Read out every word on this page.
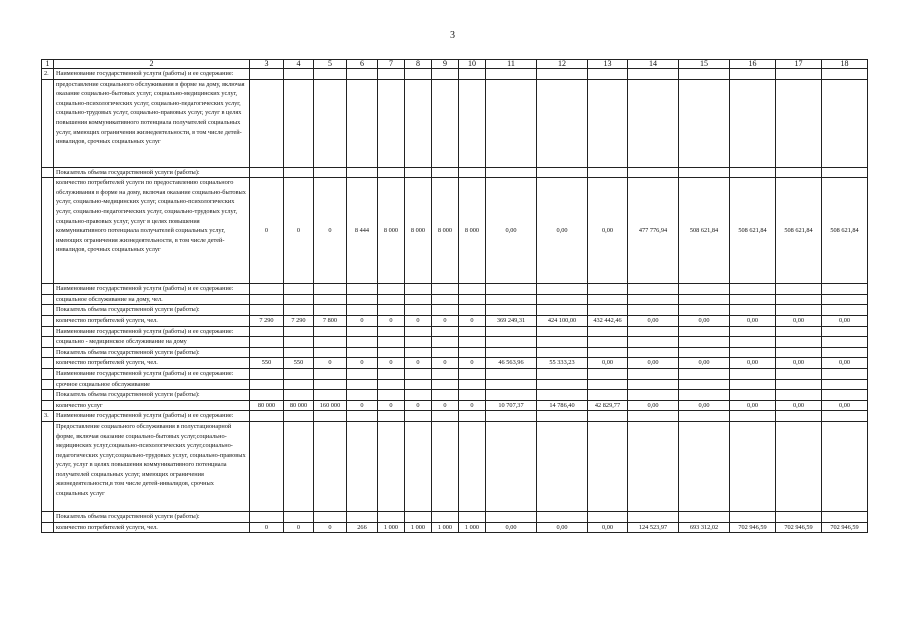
3
1	2	3	4	5	6	7	8	9	10	11	12	13	14	15	16	17	18
2.	Наименование государственной услуги (работы) и ее содержание:																
	предоставление социального обслуживания в форме на дому, включая оказание социально-бытовых услуг, социально-медицинских услуг, социально-психологических услуг, социально-педагогических услуг, социально-трудовых услуг, социально-правовых услуг, услуг в целях повышения коммуникативного потенциала получателей социальных услуг, имеющих ограничения жизнедеятельности, в том числе детей-инвалидов, срочных социальных услуг																
	Показатель объема государственной услуги (работы):																
	количество потребителей услуги по предоставлению социального обслуживания в форме на дому, включая оказание социально-бытовых услуг, социально-медицинских услуг, социально-психологических услуг, социально-педагогических услуг, социально-трудовых услуг, социально-правовых услуг, услуг в целях повышения коммуникативного потенциала получателей социальных услуг, имеющих ограничения жизнедеятельности, в том числе детей-инвалидов, срочных социальных услуг	0	0	0	8 444	8 000	8 000	8 000	8 000	0,00	0,00	0,00	477 776,94	508 621,84	508 621,84	508 621,84	508 621,84
	Наименование государственной услуги (работы) и ее содержание:																
	социальное обслуживание на дому, чел.																
	Показатель объема государственной услуги (работы):																
	количество потребителей услуги, чел.	7 290	7 290	7 800	0	0	0	0	0	369 249,31	424 100,00	432 442,46	0,00	0,00	0,00	0,00	0,00
	Наименование государственной услуги (работы) и ее содержание:																
	социально - медицинское обслуживание на дому																
	Показатель объема государственной услуги (работы):																
	количество потребителей услуги, чел.	550	550	0	0	0	0	0	0	46 563,96	55 333,23	0,00	0,00	0,00	0,00	0,00	0,00
	Наименование государственной услуги (работы) и ее содержание:																
	срочное социальное обслуживание																
	Показатель объема государственной услуги (работы):																
	количество услуг	80 000	80 000	160 000	0	0	0	0	0	10 707,37	14 786,40	42 829,77	0,00	0,00	0,00	0,00	0,00
3.	Наименование государственной услуги (работы) и ее содержание:																
	Предоставление социального обслуживания в полустационарной форме, включая оказание социально-бытовых услуг,социально-медицинских услуг,социально-психологических услуг,социально-педагогических услуг,социально-трудовых услуг, социально-правовых услуг, услуг в целях повышения коммуникативного потенциала получателей социальных услуг, имеющих ограничения жизнедеятельности,в том числе детей-инвалидов, срочных социальных услуг																
	Показатель объема государственной услуги (работы):																
	количество потребителей услуги, чел.	0	0	0	266	1 000	1 000	1 000	1 000	0,00	0,00	0,00	124 523,97	693 312,02	702 946,59	702 946,59	702 946,59
